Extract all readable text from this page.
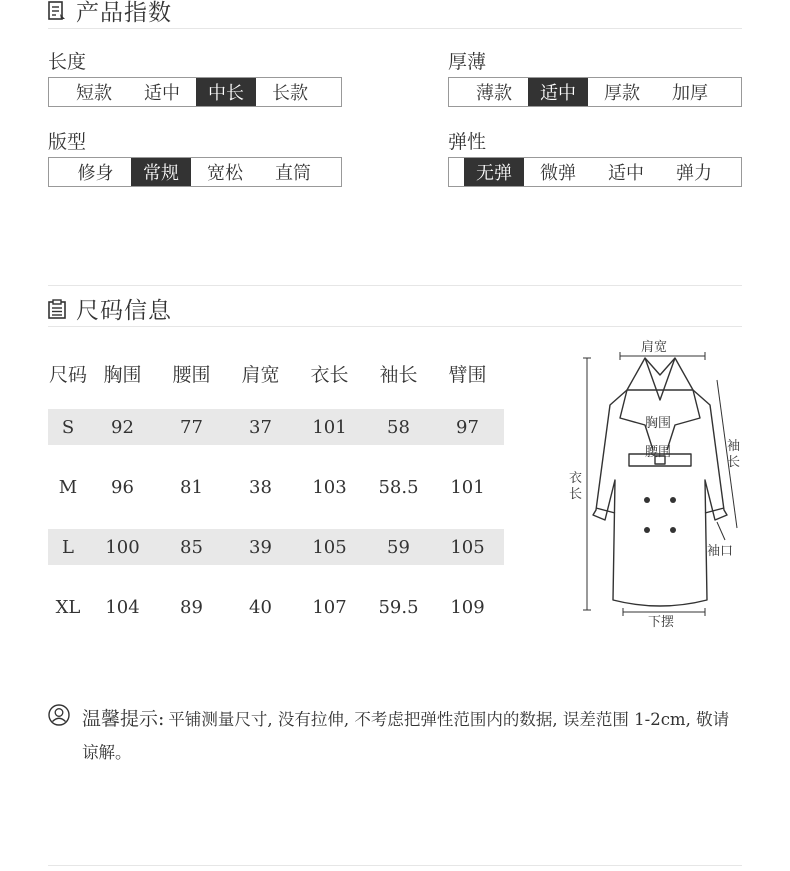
产品指数
长度
短款	适中	中长	长款
厚薄
薄款	适中	厚款	加厚
版型
修身	常规	宽松	直筒
弹性
无弹	微弹	适中	弹力
尺码信息
尺码 胸围	腰围	肩宽	衣长	袖长	臂围
S	92	77	37	101	58	97
M	96	81	38	103	58.5	101
L	100	85	39	105	59	105
XL	104	89	40	107	59.5	109
肩宽
胸围
腰围
衣长
袖长
袖口
下摆
温馨提示: 平铺测量尺寸, 没有拉伸, 不考虑把弹性范围内的数据, 误差范围 1-2cm, 敬请谅解。
